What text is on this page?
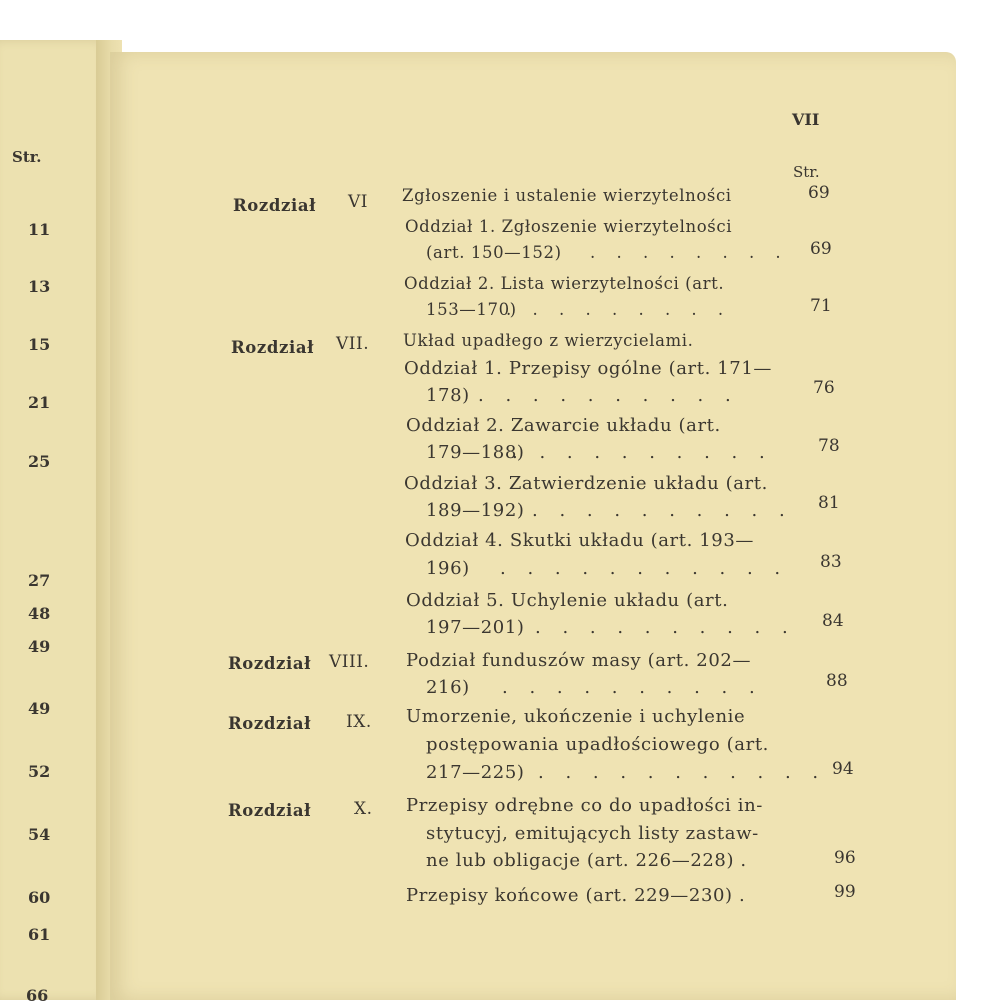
Str.
11
13
15
21
25
27
48
49
49
52
54
60
61
66
VII
Str.
Rozdział VI
Rozdział VII.
Rozdział VIII.
Rozdział IX.
Rozdział	X.
Zgłoszenie i ustalenie wierzytelności
Oddział 1. Zgłoszenie wierzytelności
(art. 150—152) . . . . . . . .
Oddział 2. Lista wierzytelności (art.
153—170)
. . . . . . . . .
Układ upadłego z wierzycielami.
Oddział 1. Przepisy ogólne (art. 171—
178) . . . . . . . . . .
Oddział 2. Zawarcie układu (art.
179—188)
. . . . . . . . . .
Oddział 3. Zatwierdzenie układu (art.
189—192) . . . . . . . . . .
Oddział 4. Skutki układu (art. 193—
196) . . . . . . . . . . .
Oddział 5. Uchylenie układu (art.
197—201) . . . . . . . . . .
Podział funduszów masy (art. 202—
216) . . . . . . . . . .
Umorzenie, ukończenie i uchylenie
postępowania upadłościowego (art.
217—225) . . . . . . . . . . .
Przepisy odrębne co do upadłości in-
stytucyj, emitujących listy zastaw-
ne lub obligacje (art. 226—228) .
Przepisy końcowe (art. 229—230) .
69
69
71
76
78
81
83
84
88
94
96
99
